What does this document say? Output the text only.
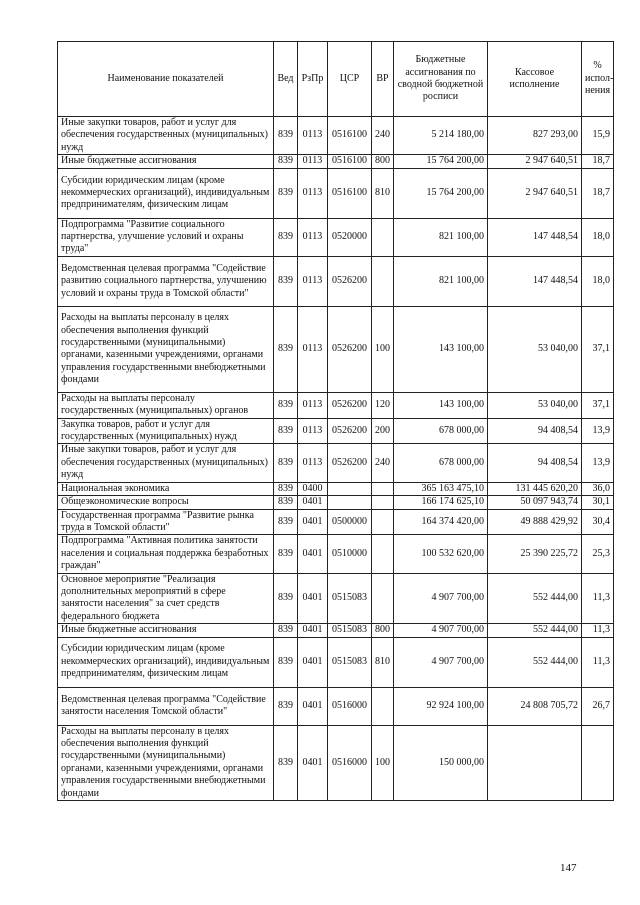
Наименование показателей	Вед	РзПр	ЦСР	ВР	Бюджетные ассигнования по сводной бюджетной росписи	Кассовое исполнение	% испол-нения
Иные закупки товаров, работ и услуг для обеспечения государственных (муниципальных) нужд	839	0113	0516100	240	5 214 180,00	827 293,00	15,9
Иные бюджетные ассигнования	839	0113	0516100	800	15 764 200,00	2 947 640,51	18,7
Субсидии юридическим лицам (кроме некоммерческих организаций), индивидуальным предпринимателям, физическим лицам	839	0113	0516100	810	15 764 200,00	2 947 640,51	18,7
Подпрограмма "Развитие социального партнерства, улучшение условий и охраны труда"	839	0113	0520000		821 100,00	147 448,54	18,0
Ведомственная целевая программа "Содействие развитию социального партнерства, улучшению условий и охраны труда в Томской области"	839	0113	0526200		821 100,00	147 448,54	18,0
Расходы на выплаты персоналу в целях обеспечения выполнения функций государственными (муниципальными) органами, казенными учреждениями, органами управления государственными внебюджетными фондами	839	0113	0526200	100	143 100,00	53 040,00	37,1
Расходы на выплаты персоналу государственных (муниципальных) органов	839	0113	0526200	120	143 100,00	53 040,00	37,1
Закупка товаров, работ и услуг для государственных (муниципальных) нужд	839	0113	0526200	200	678 000,00	94 408,54	13,9
Иные закупки товаров, работ и услуг для обеспечения государственных (муниципальных) нужд	839	0113	0526200	240	678 000,00	94 408,54	13,9
Национальная экономика	839	0400			365 163 475,10	131 445 620,20	36,0
Общеэкономические вопросы	839	0401			166 174 625,10	50 097 943,74	30,1
Государственная программа "Развитие рынка труда в Томской области"	839	0401	0500000		164 374 420,00	49 888 429,92	30,4
Подпрограмма "Активная политика занятости населения и социальная поддержка безработных граждан"	839	0401	0510000		100 532 620,00	25 390 225,72	25,3
Основное мероприятие "Реализация дополнительных мероприятий в сфере занятости населения" за счет средств федерального бюджета	839	0401	0515083		4 907 700,00	552 444,00	11,3
Иные бюджетные ассигнования	839	0401	0515083	800	4 907 700,00	552 444,00	11,3
Субсидии юридическим лицам (кроме некоммерческих организаций), индивидуальным предпринимателям, физическим лицам	839	0401	0515083	810	4 907 700,00	552 444,00	11,3
Ведомственная целевая программа "Содействие занятости населения Томской области"	839	0401	0516000		92 924 100,00	24 808 705,72	26,7
Расходы на выплаты персоналу в целях обеспечения выполнения функций государственными (муниципальными) органами, казенными учреждениями, органами управления государственными внебюджетными фондами	839	0401	0516000	100	150 000,00		
147
